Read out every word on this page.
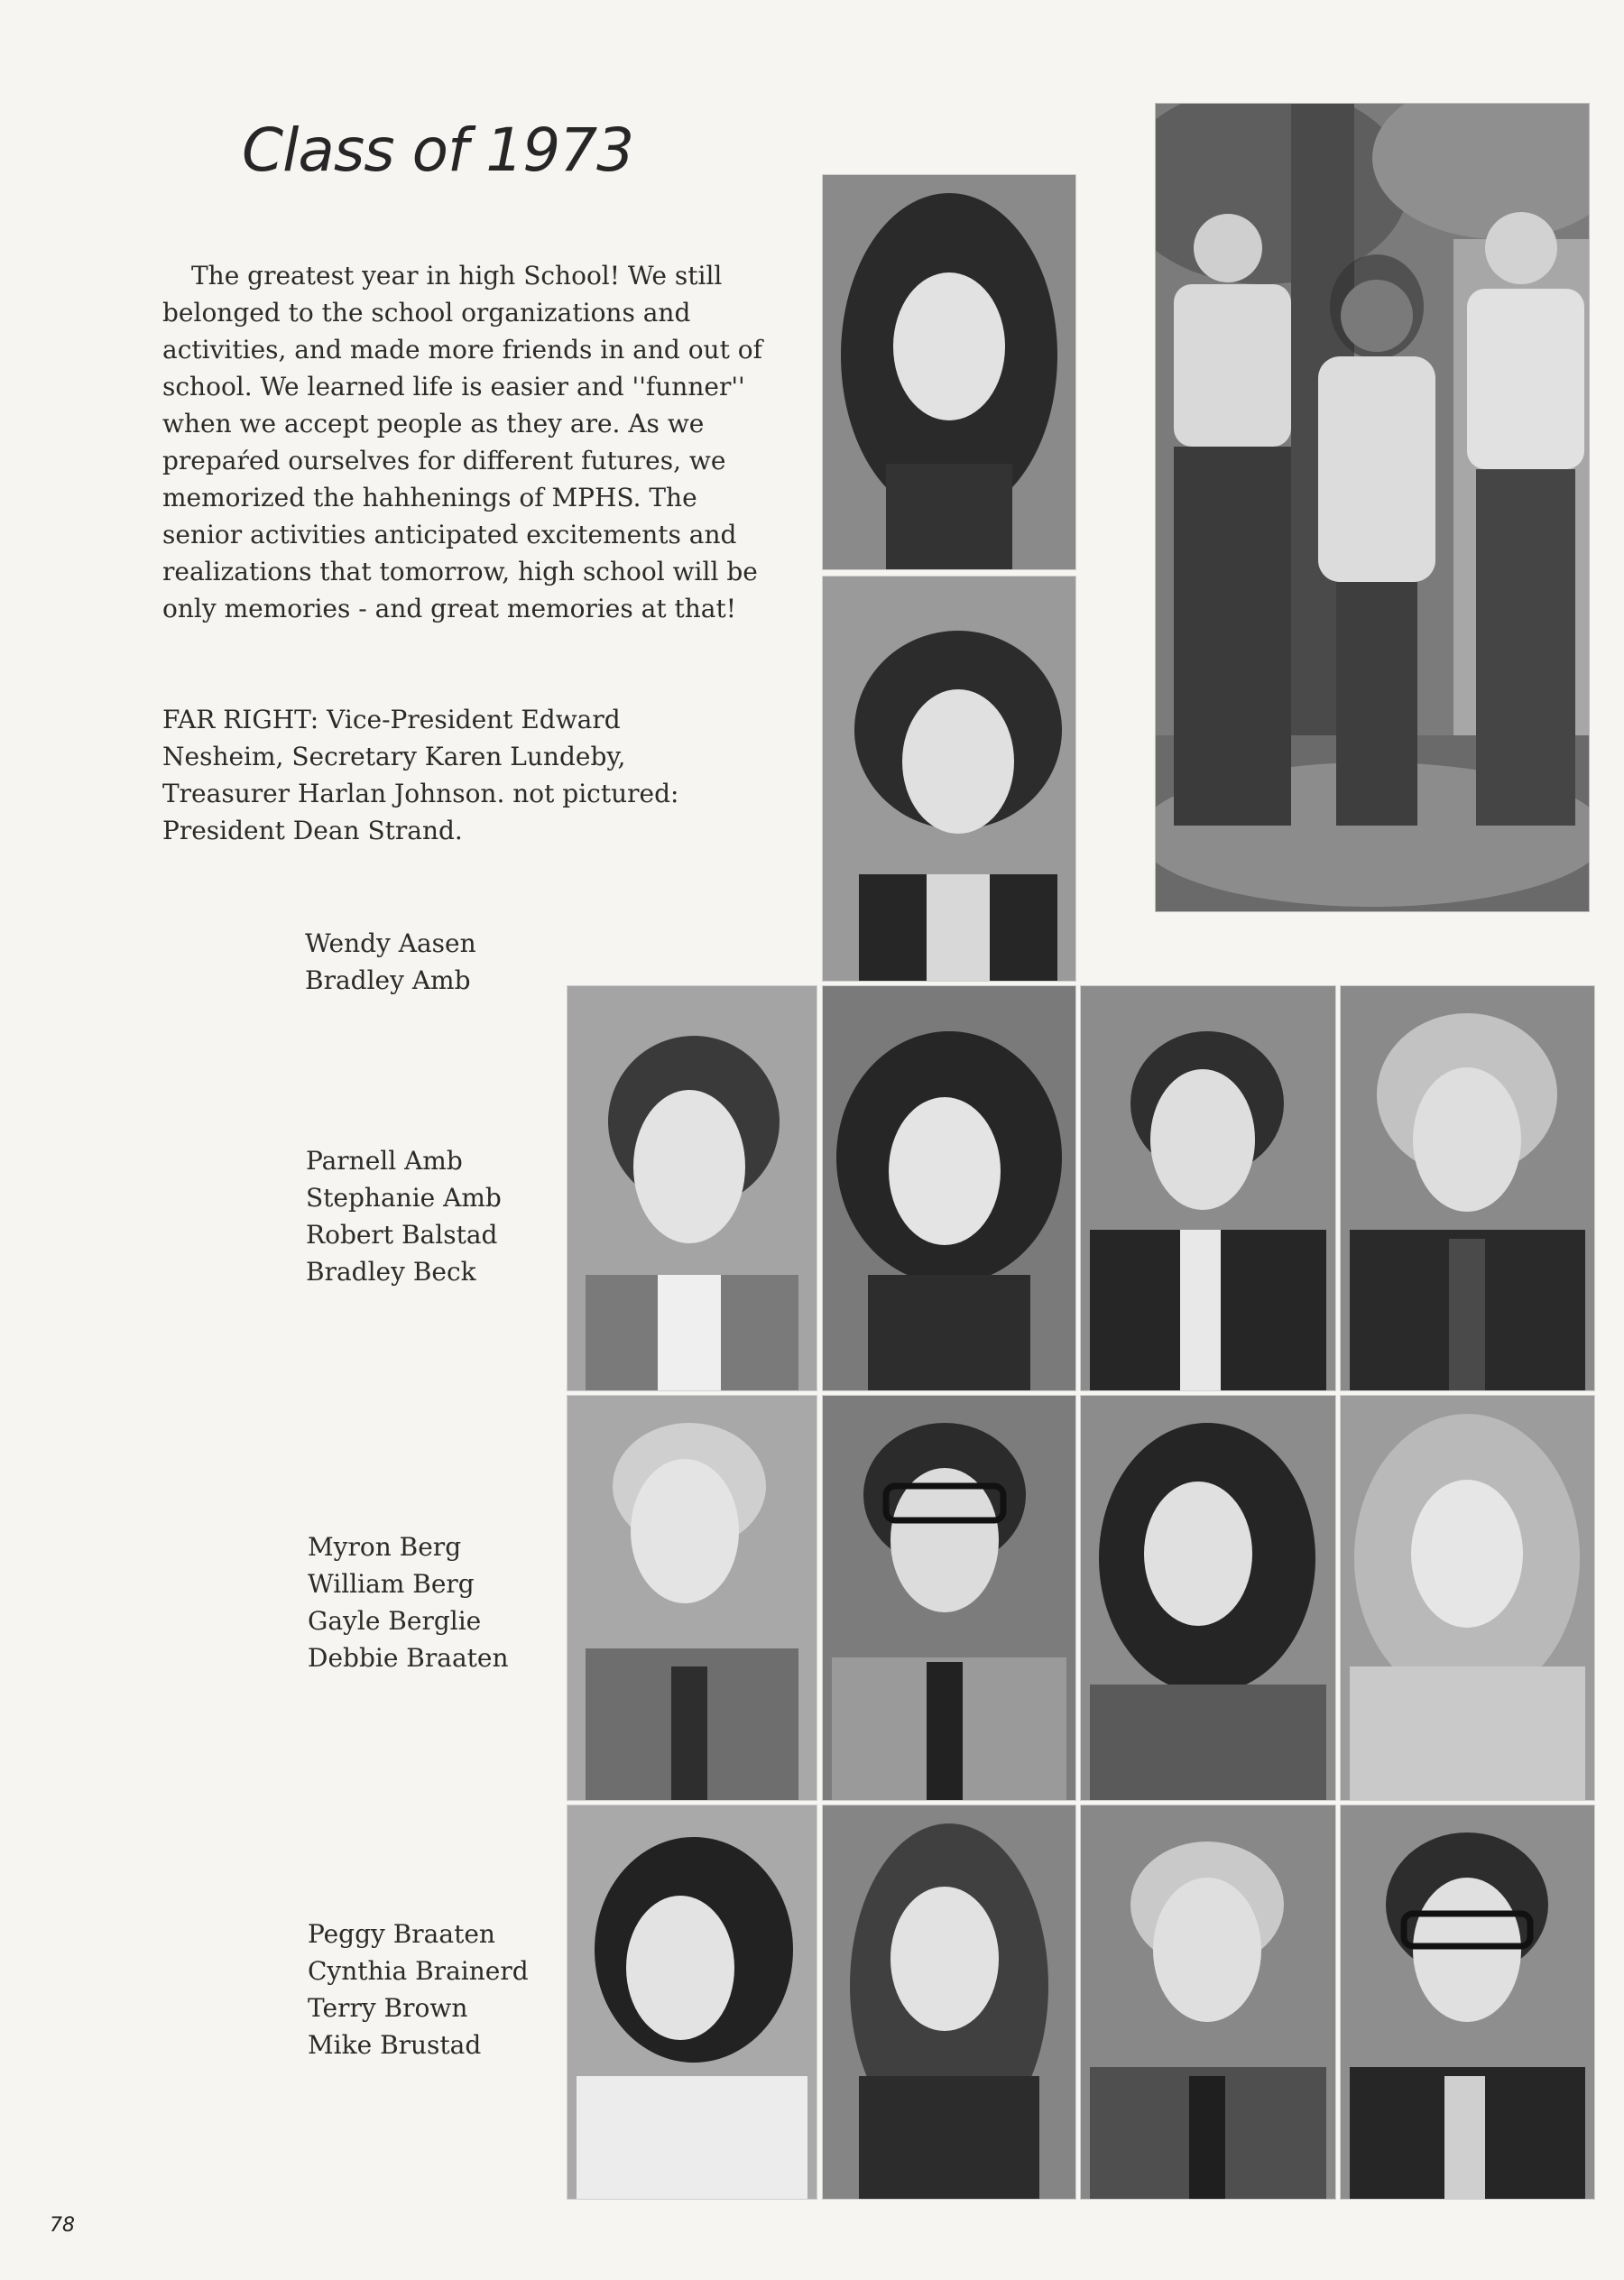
Class of 1973

The greatest year in high School! We still belonged to the school organizations and activities, and made more friends in and out of school. We learned life is easier and ''funner'' when we accept people as they are. As we prepaŕed ourselves for different futures, we memorized the hahhenings of MPHS. The senior activities anticipated excitements and realizations that tomorrow, high school will be only memories - and great memories at that!

FAR RIGHT: Vice-President Edward Nesheim, Secretary Karen Lundeby, Treasurer Harlan Johnson. not pictured: President Dean Strand.

Wendy Aasen
Bradley Amb
Parnell Amb
Stephanie Amb
Robert Balstad
Bradley Beck
Myron Berg
William Berg
Gayle Berglie
Debbie Braaten
Peggy Braaten
Cynthia Brainerd
Terry Brown
Mike Brustad

78
